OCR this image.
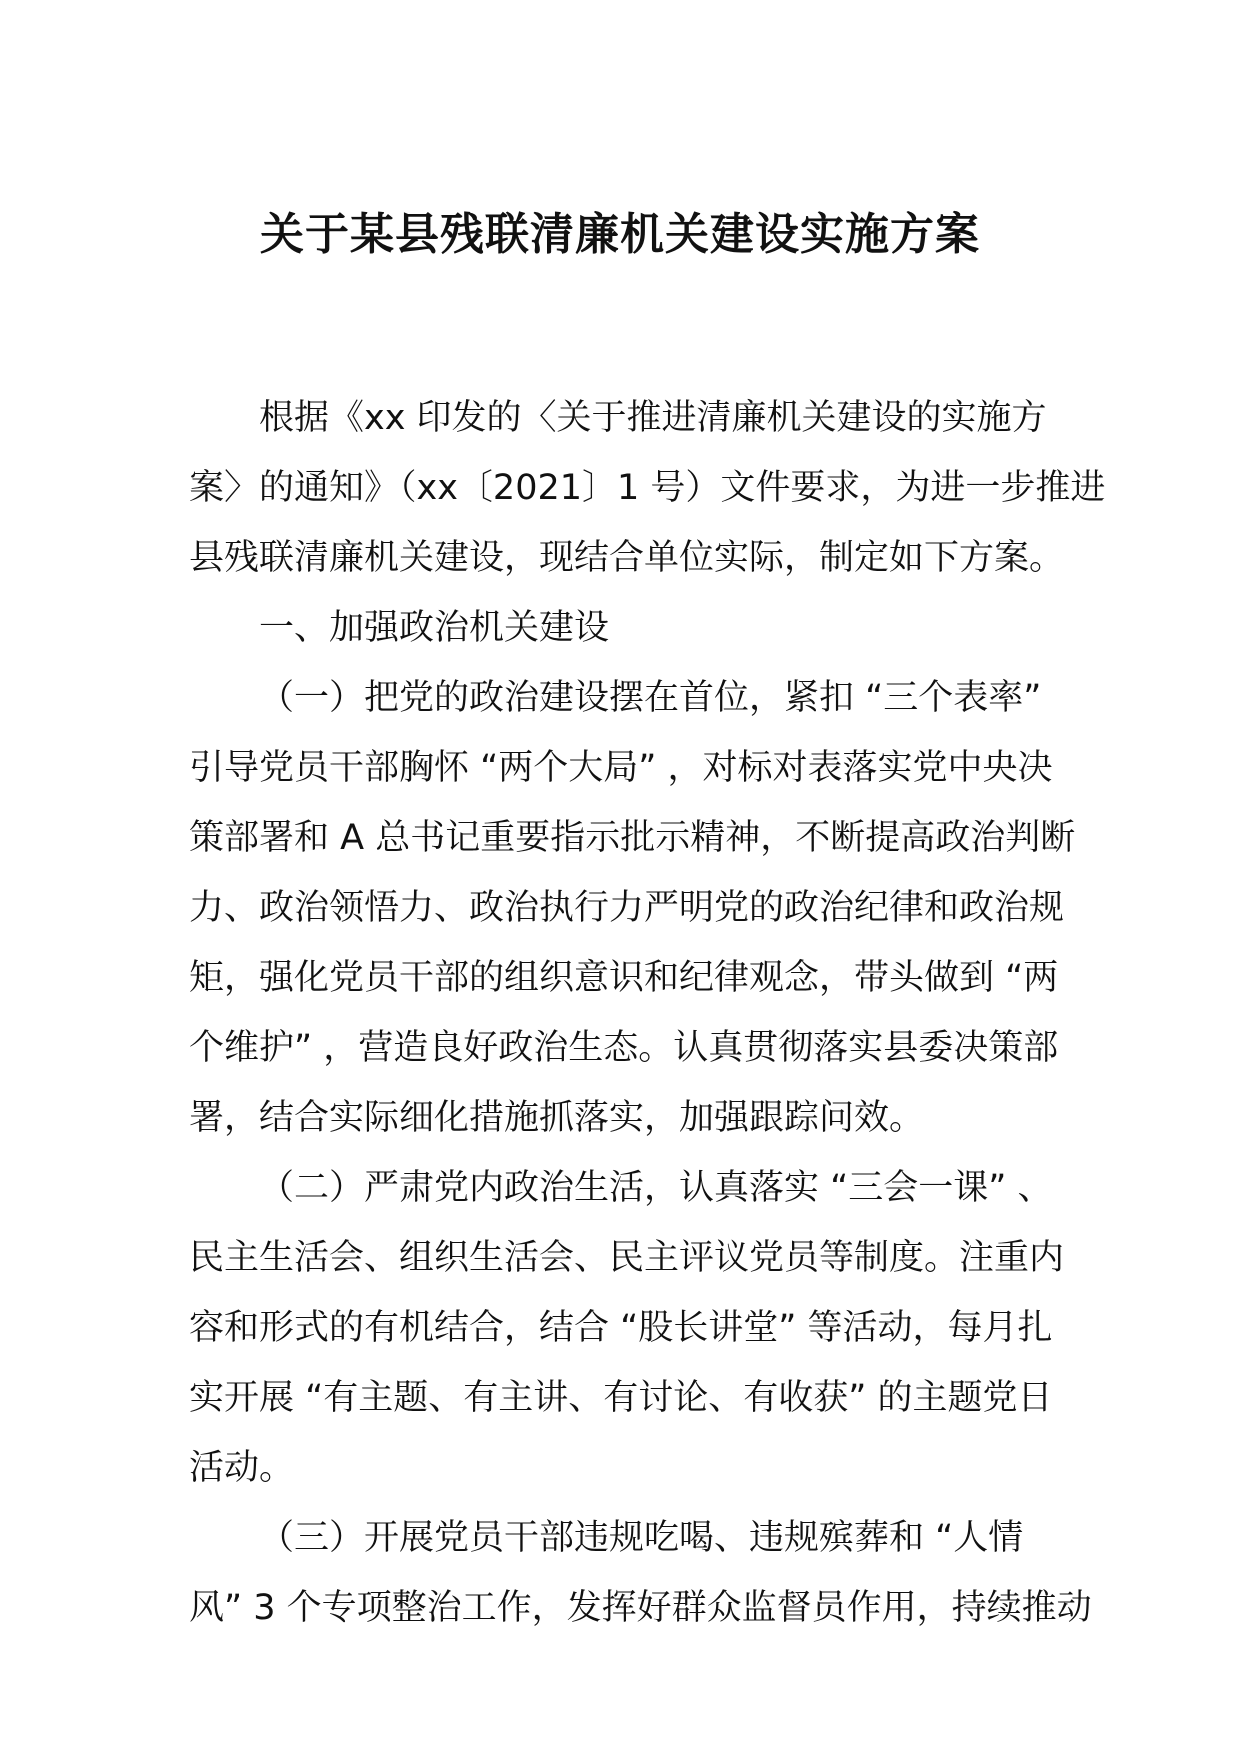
关于某县残联清廉机关建设实施方案
根据《xx 印发的〈关于推进清廉机关建设的实施方
案〉的通知》（xx〔2021〕1 号）文件要求，为进一步推进
县残联清廉机关建设，现结合单位实际，制定如下方案。
一、加强政治机关建设
（一）把党的政治建设摆在首位，紧扣 “三个表率”
引导党员干部胸怀 “两个大局” ，对标对表落实党中央决
策部署和 A 总书记重要指示批示精神，不断提高政治判断
力、政治领悟力、政治执行力严明党的政治纪律和政治规
矩，强化党员干部的组织意识和纪律观念，带头做到 “两
个维护” ，营造良好政治生态。认真贯彻落实县委决策部
署，结合实际细化措施抓落实，加强跟踪问效。
（二）严肃党内政治生活，认真落实 “三会一课” 、
民主生活会、组织生活会、民主评议党员等制度。注重内
容和形式的有机结合，结合 “股长讲堂” 等活动，每月扎
实开展 “有主题、有主讲、有讨论、有收获” 的主题党日
活动。
（三）开展党员干部违规吃喝、违规殡葬和 “人情
风” 3 个专项整治工作，发挥好群众监督员作用，持续推动
